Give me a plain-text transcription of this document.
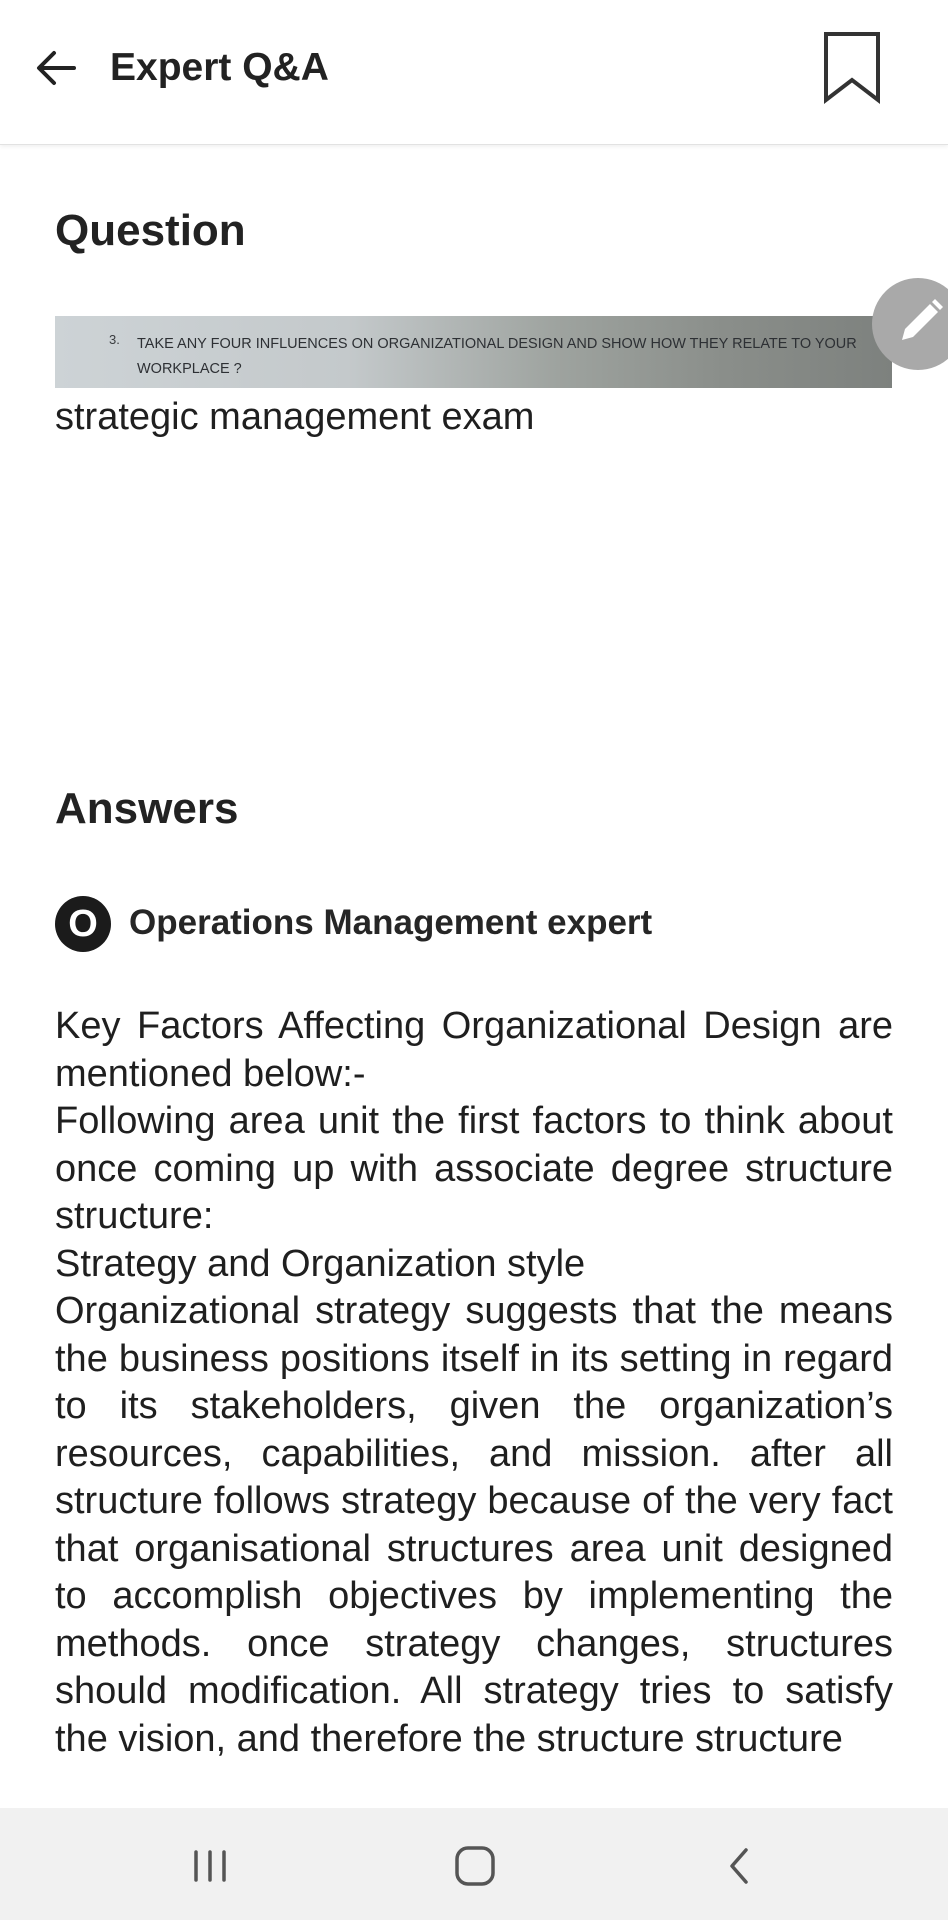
Expert Q&A
Question
3. TAKE ANY FOUR INFLUENCES ON ORGANIZATIONAL DESIGN AND SHOW HOW THEY RELATE TO YOUR WORKPLACE ?
strategic management exam
Answers
O Operations Management expert

Key Factors Affecting Organizational Design are mentioned below:-

Following area unit the first factors to think about once coming up with associate degree structure structure:

Strategy and Organization style

Organizational strategy suggests that the means the business positions itself in its setting in regard to its stakeholders, given the organization’s resources, capabilities, and mission. after all structure follows strategy because of the very fact that organisational structures area unit designed to accomplish objectives by implementing the methods. once strategy changes, structures should modification. All strategy tries to satisfy the vision, and therefore the structure structure
